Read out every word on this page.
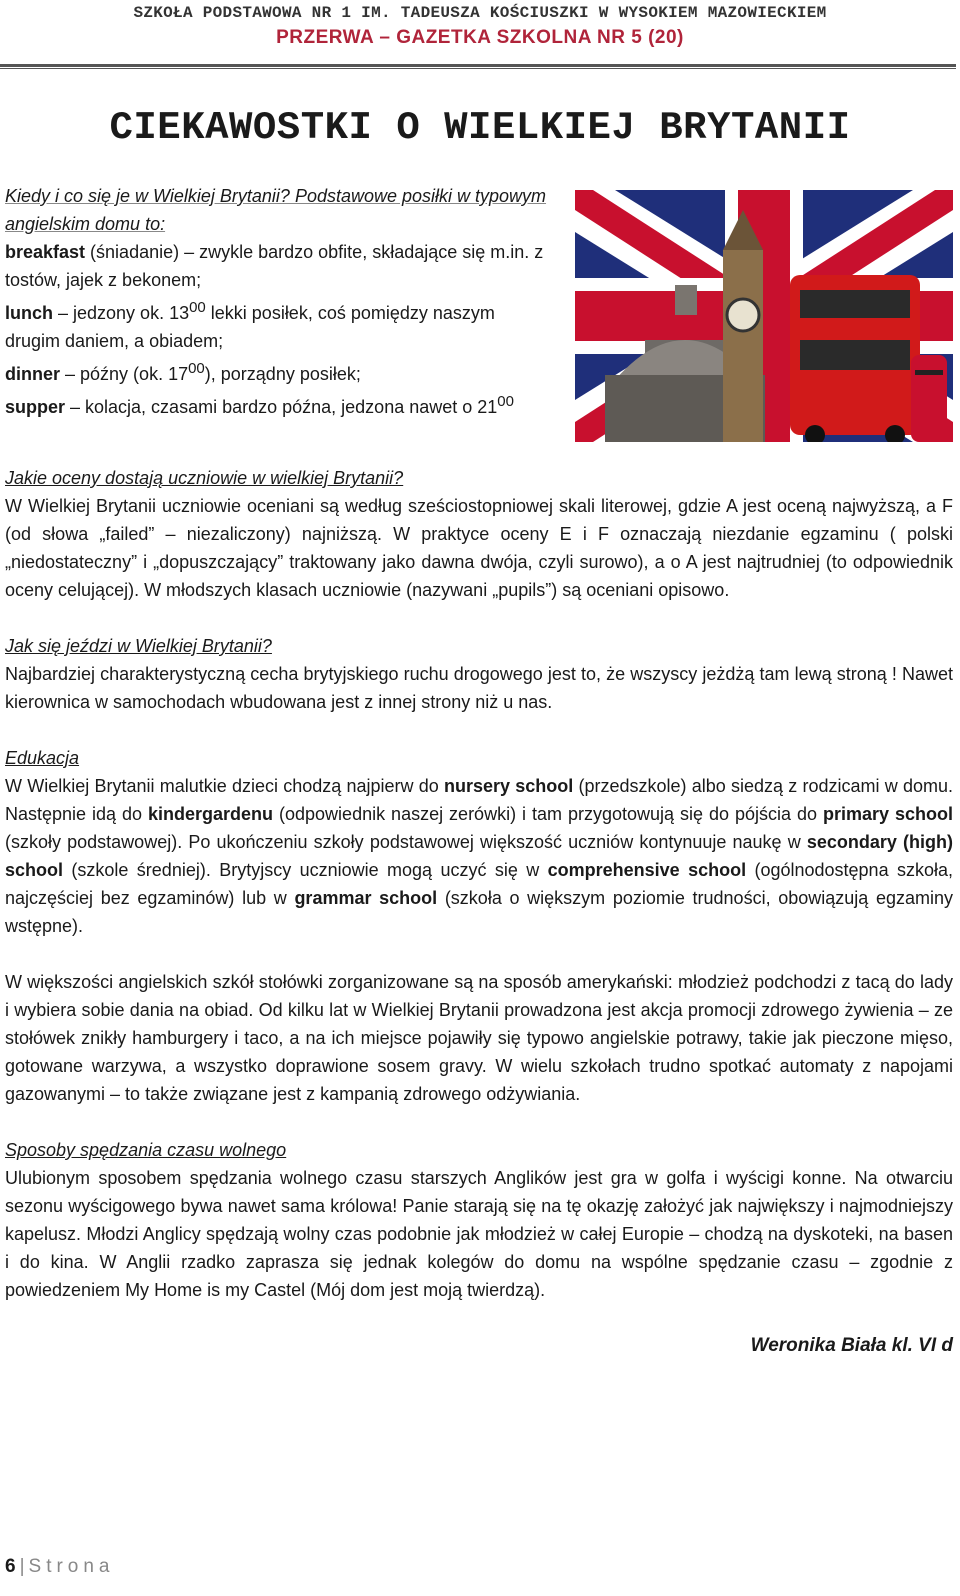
SZKOŁA PODSTAWOWA NR 1 IM. TADEUSZA KOŚCIUSZKI W WYSOKIEM MAZOWIECKIEM
PRZERWA – GAZETKA SZKOLNA NR 5 (20)
CIEKAWOSTKI O WIELKIEJ BRYTANII
Kiedy i co się je w Wielkiej Brytanii? Podstawowe posiłki w typowym angielskim domu to:
breakfast (śniadanie) – zwykle bardzo obfite, składające się m.in. z tostów, jajek z bekonem;
lunch – jedzony ok. $13^{00}$ lekki posiłek, coś pomiędzy naszym drugim daniem, a obiadem;
dinner – późny (ok. $17^{00}$), porządny posiłek;
supper – kolacja, czasami bardzo późna, jedzona nawet o $21^{00}$
Jakie oceny dostają uczniowie w wielkiej Brytanii?
W Wielkiej Brytanii uczniowie oceniani są według sześciostopniowej skali literowej, gdzie A jest oceną najwyższą, a F (od słowa „failed” – niezaliczony) najniższą. W praktyce oceny E i F oznaczają niezdanie egzaminu ( polski „niedostateczny” i „dopuszczający” traktowany jako dawna dwója, czyli surowo), a o A jest najtrudniej (to odpowiednik oceny celującej). W młodszych klasach uczniowie (nazywani „pupils”) są oceniani opisowo.
Jak się jeździ w Wielkiej Brytanii?
Najbardziej charakterystyczną cecha brytyjskiego ruchu drogowego jest to, że wszyscy jeżdżą tam lewą stroną ! Nawet kierownica w samochodach wbudowana jest z innej strony niż u nas.
Edukacja
W Wielkiej Brytanii malutkie dzieci chodzą najpierw do nursery school (przedszkole) albo siedzą z rodzicami w domu. Następnie idą do kindergardenu (odpowiednik naszej zerówki) i tam przygotowują się do pójścia do primary school (szkoły podstawowej). Po ukończeniu szkoły podstawowej większość uczniów kontynuuje naukę w secondary (high) school (szkole średniej). Brytyjscy uczniowie mogą uczyć się w comprehensive school (ogólnodostępna szkoła, najczęściej bez egzaminów) lub w grammar school (szkoła o większym poziomie trudności, obowiązują egzaminy wstępne).
W większości angielskich szkół stołówki zorganizowane są na sposób amerykański: młodzież podchodzi z tacą do lady i wybiera sobie dania na obiad. Od kilku lat w Wielkiej Brytanii prowadzona jest akcja promocji zdrowego żywienia – ze stołówek znikły hamburgery i taco, a na ich miejsce pojawiły się typowo angielskie potrawy, takie jak pieczone mięso, gotowane warzywa, a wszystko doprawione sosem gravy. W wielu szkołach trudno spotkać automaty z napojami gazowanymi – to także związane jest z kampanią zdrowego odżywiania.
Sposoby spędzania czasu wolnego
Ulubionym sposobem spędzania wolnego czasu starszych Anglików jest gra w golfa i wyścigi konne. Na otwarciu sezonu wyścigowego bywa nawet sama królowa! Panie starają się na tę okazję założyć jak największy i najmodniejszy kapelusz. Młodzi Anglicy spędzają wolny czas podobnie jak młodzież w całej Europie – chodzą na dyskoteki, na basen i do kina. W Anglii rzadko zaprasza się jednak kolegów do domu na wspólne spędzanie czasu – zgodnie z powiedzeniem My Home is my Castel (Mój dom jest moją twierdzą).
Weronika Biała kl. VI d
6 | Strona
